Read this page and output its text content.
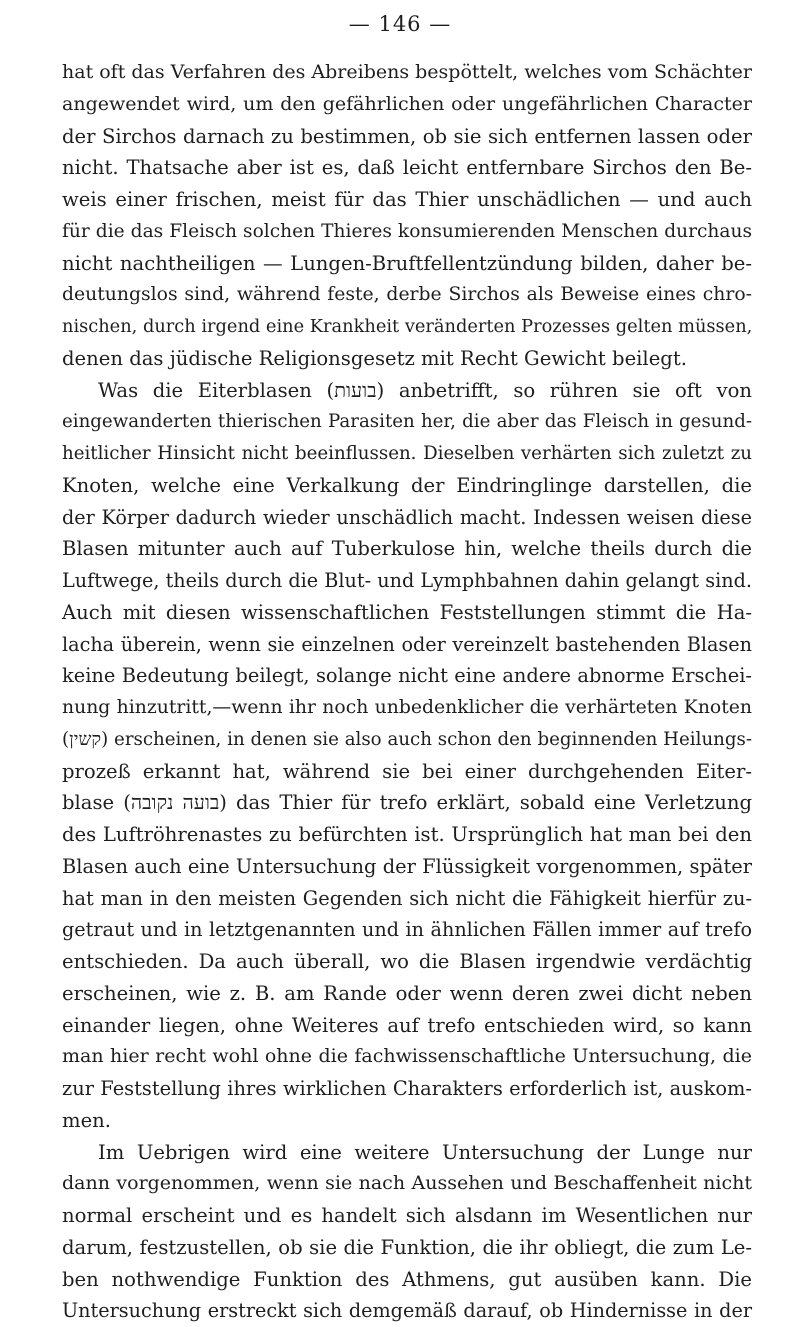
— 146 —
hat oft das Verfahren des Abreibens bespöttelt, welches vom Schächter
angewendet wird, um den gefährlichen oder ungefährlichen Character
der Sirchos darnach zu bestimmen, ob sie sich entfernen lassen oder
nicht. Thatsache aber ist es, daß leicht entfernbare Sirchos den Be-
weis einer frischen, meist für das Thier unschädlichen — und auch
für die das Fleisch solchen Thieres konsumierenden Menschen durchaus
nicht nachtheiligen — Lungen-Bruftfellentzündung bilden, daher be-
deutungslos sind, während feste, derbe Sirchos als Beweise eines chro-
nischen, durch irgend eine Krankheit veränderten Prozesses gelten müssen,
denen das jüdische Religionsgesetz mit Recht Gewicht beilegt.
Was die Eiterblasen (בועות) anbetrifft, so rühren sie oft von
eingewanderten thierischen Parasiten her, die aber das Fleisch in gesund-
heitlicher Hinsicht nicht beeinflussen. Dieselben verhärten sich zuletzt zu
Knoten, welche eine Verkalkung der Eindringlinge darstellen, die
der Körper dadurch wieder unschädlich macht. Indessen weisen diese
Blasen mitunter auch auf Tuberkulose hin, welche theils durch die
Luftwege, theils durch die Blut- und Lymphbahnen dahin gelangt sind.
Auch mit diesen wissenschaftlichen Feststellungen stimmt die Ha-
lacha überein, wenn sie einzelnen oder vereinzelt bastehenden Blasen
keine Bedeutung beilegt, solange nicht eine andere abnorme Erschei-
nung hinzutritt,—wenn ihr noch unbedenklicher die verhärteten Knoten
(קשין) erscheinen, in denen sie also auch schon den beginnenden Heilungs-
prozeß erkannt hat, während sie bei einer durchgehenden Eiter-
blase (בועה נקובה) das Thier für trefo erklärt, sobald eine Verletzung
des Luftröhrenastes zu befürchten ist. Ursprünglich hat man bei den
Blasen auch eine Untersuchung der Flüssigkeit vorgenommen, später
hat man in den meisten Gegenden sich nicht die Fähigkeit hierfür zu-
getraut und in letztgenannten und in ähnlichen Fällen immer auf trefo
entschieden. Da auch überall, wo die Blasen irgendwie verdächtig
erscheinen, wie z. B. am Rande oder wenn deren zwei dicht neben
einander liegen, ohne Weiteres auf trefo entschieden wird, so kann
man hier recht wohl ohne die fachwissenschaftliche Untersuchung, die
zur Feststellung ihres wirklichen Charakters erforderlich ist, auskom-
men.
Im Uebrigen wird eine weitere Untersuchung der Lunge nur
dann vorgenommen, wenn sie nach Aussehen und Beschaffenheit nicht
normal erscheint und es handelt sich alsdann im Wesentlichen nur
darum, festzustellen, ob sie die Funktion, die ihr obliegt, die zum Le-
ben nothwendige Funktion des Athmens, gut ausüben kann. Die
Untersuchung erstreckt sich demgemäß darauf, ob Hindernisse in der
